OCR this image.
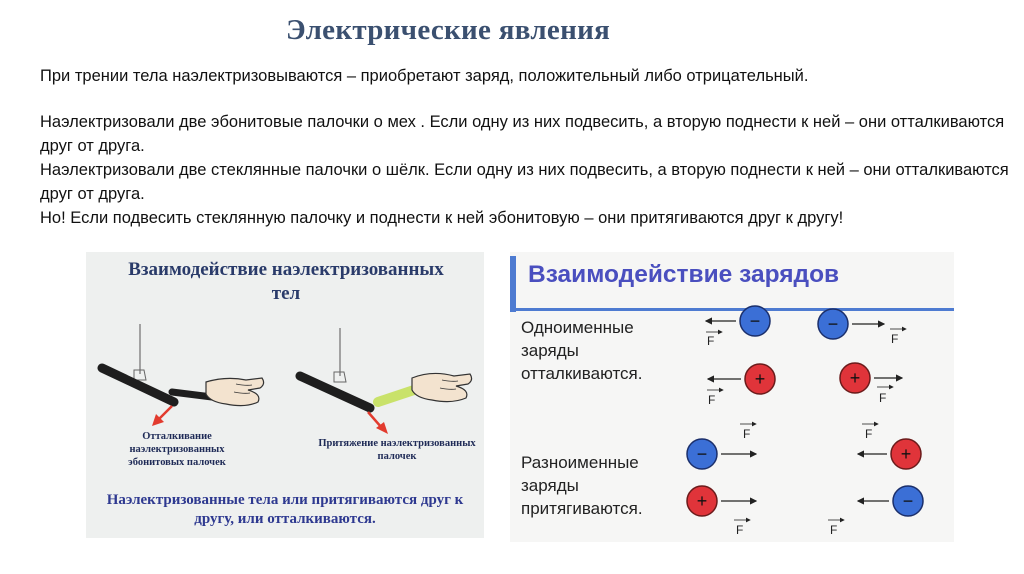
Электрические явления

При трении тела наэлектризовываются – приобретают заряд, положительный либо отрицательный.

Наэлектризовали две эбонитовые палочки о мех . Если одну из них подвесить, а вторую поднести к ней – они отталкиваются друг от друга.

Наэлектризовали две стеклянные палочки о шёлк. Если одну из них подвесить, а вторую поднести к ней – они отталкиваются друг от друга.

Но! Если подвесить стеклянную палочку и поднести к ней эбонитовую – они притягиваются друг к другу!

Взаимодействие наэлектризованных тел
Отталкивание наэлектризованных эбонитовых палочек
Притяжение наэлектризованных палочек
Наэлектризованные тела или притягиваются друг к другу, или отталкиваются.
Взаимодействие зарядов
Одноименные заряды отталкиваются.
Разноименные заряды притягиваются.
−
F
−
F
+
F
+
F
F	F
−	+
+	−
F	F
